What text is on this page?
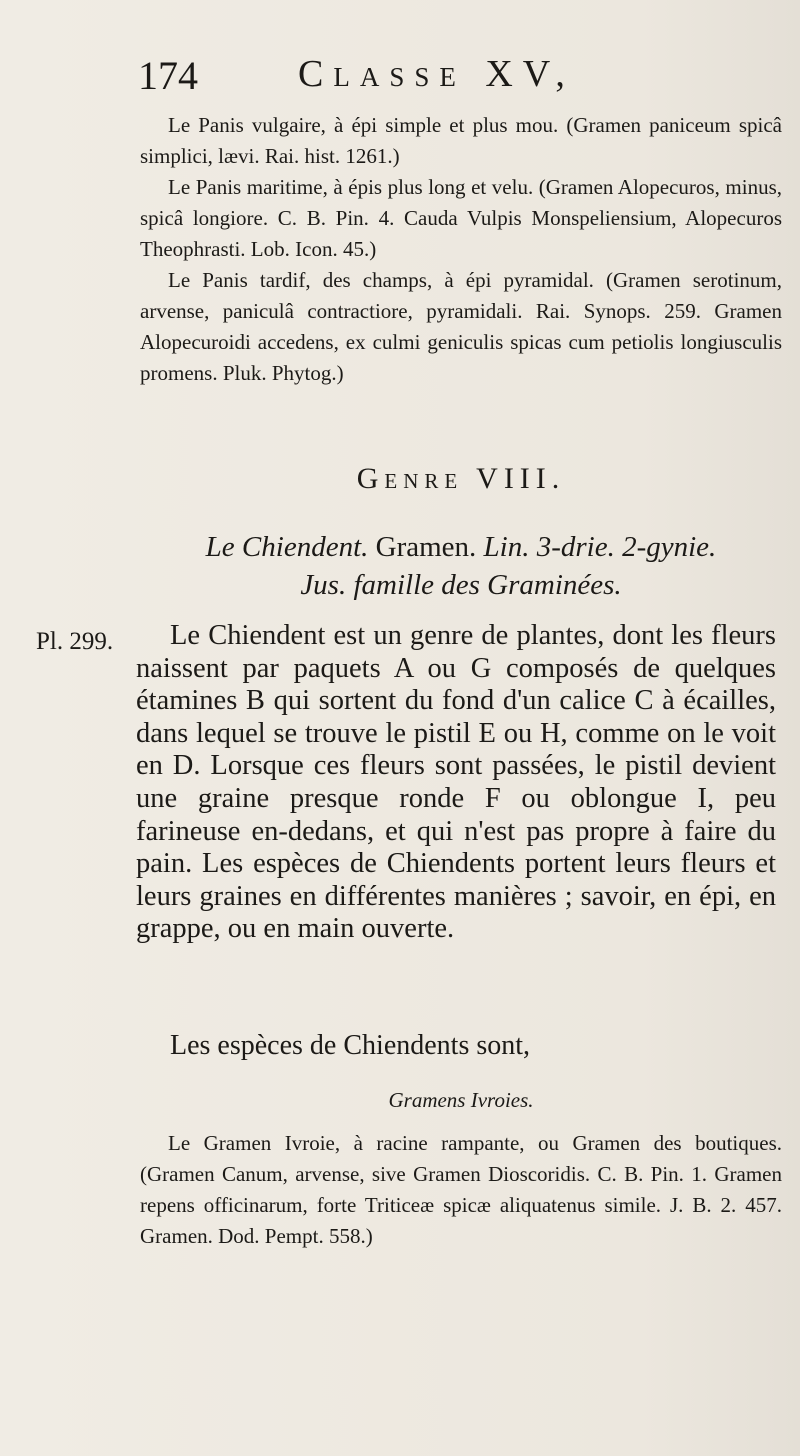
174	Classe XV,

Le Panis vulgaire, à épi simple et plus mou. (Gramen paniceum spicâ simplici, lævi. Rai. hist. 1261.)

Le Panis maritime, à épis plus long et velu. (Gramen Alopecuros, minus, spicâ longiore. C. B. Pin. 4. Cauda Vulpis Monspeliensium, Alopecuros Theophrasti. Lob. Icon. 45.)

Le Panis tardif, des champs, à épi pyramidal. (Gramen serotinum, arvense, paniculâ contractiore, pyramidali. Rai. Synops. 259. Gramen Alopecuroidi accedens, ex culmi geniculis spicas cum petiolis longiusculis promens. Pluk. Phytog.)

Genre VIII.
Le Chiendent. Gramen. Lin. 3-drie. 2-gynie.
Jus. famille des Graminées.
Pl. 299.	Le Chiendent est un genre de plantes, dont les fleurs naissent par paquets A ou G composés de quelques étamines B qui sortent du fond d'un calice C à écailles, dans lequel se trouve le pistil E ou H, comme on le voit en D. Lorsque ces fleurs sont passées, le pistil devient une graine presque ronde F ou oblongue I, peu farineuse en-dedans, et qui n'est pas propre à faire du pain. Les espèces de Chiendents portent leurs fleurs et leurs graines en différentes manières ; savoir, en épi, en grappe, ou en main ouverte.

Les espèces de Chiendents sont,
Gramens Ivroies.

Le Gramen Ivroie, à racine rampante, ou Gramen des boutiques. (Gramen Canum, arvense, sive Gramen Dioscoridis. C. B. Pin. 1. Gramen repens officinarum, forte Triticeæ spicæ aliquatenus simile. J. B. 2. 457. Gramen. Dod. Pempt. 558.)
